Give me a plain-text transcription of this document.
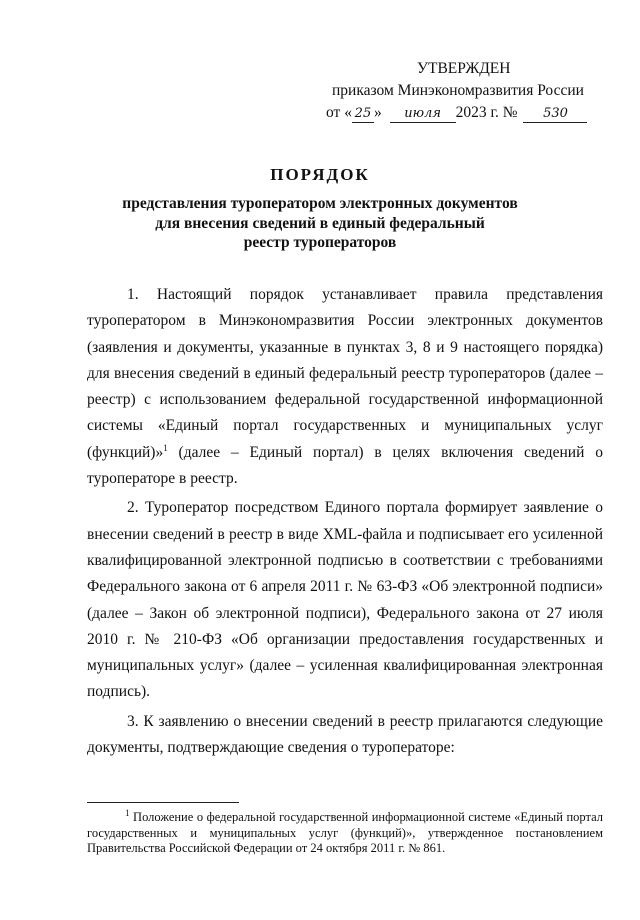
УТВЕРЖДЕН
приказом Минэкономразвития России
от « 25 » июля 2023 г. № 530
ПОРЯДОК
представления туроператором электронных документов
для внесения сведений в единый федеральный
реестр туроператоров

1. Настоящий порядок устанавливает правила представления туроператором в Минэкономразвития России электронных документов (заявления и документы, указанные в пунктах 3, 8 и 9 настоящего порядка) для внесения сведений в единый федеральный реестр туроператоров (далее – реестр) с использованием федеральной государственной информационной системы «Единый портал государственных и муниципальных услуг (функций)»$^1$ (далее – Единый портал) в целях включения сведений о туроператоре в реестр.

2. Туроператор посредством Единого портала формирует заявление о внесении сведений в реестр в виде XML-файла и подписывает его усиленной квалифицированной электронной подписью в соответствии с требованиями Федерального закона от 6 апреля 2011 г. № 63-ФЗ «Об электронной подписи» (далее – Закон об электронной подписи), Федерального закона от 27 июля 2010 г. № 210-ФЗ «Об организации предоставления государственных и муниципальных услуг» (далее – усиленная квалифицированная электронная подпись).

3. К заявлению о внесении сведений в реестр прилагаются следующие документы, подтверждающие сведения о туроператоре:

$^1$ Положение о федеральной государственной информационной системе «Единый портал государственных и муниципальных услуг (функций)», утвержденное постановлением Правительства Российской Федерации от 24 октября 2011 г. № 861.
